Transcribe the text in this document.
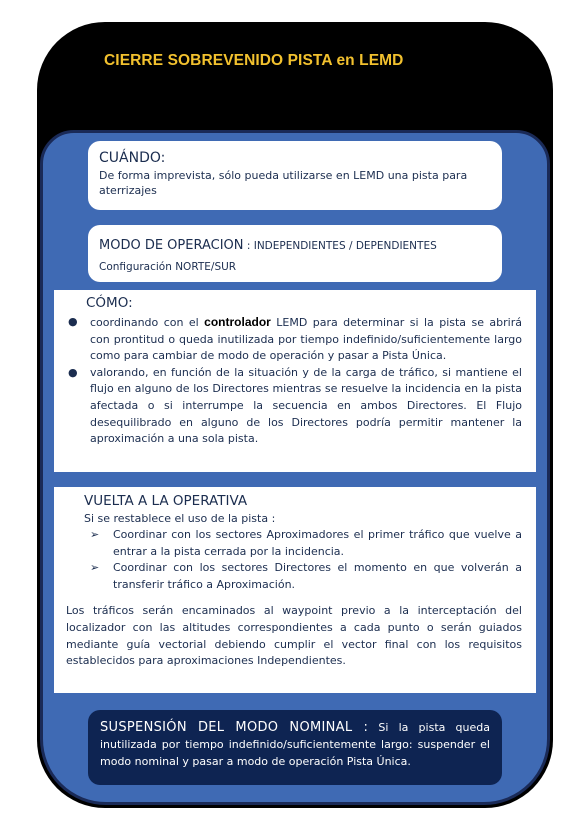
CIERRE SOBREVENIDO PISTA en LEMD
CUÁNDO:
De forma imprevista, sólo pueda utilizarse en LEMD una pista para aterrizajes
MODO DE OPERACION : INDEPENDIENTES / DEPENDIENTES
Configuración NORTE/SUR
CÓMO:
● coordinando con el controlador LEMD para determinar si la pista se abrirá con prontitud o queda inutilizada por tiempo indefinido/suficientemente largo como para cambiar de modo de operación y pasar a Pista Única.
● valorando, en función de la situación y de la carga de tráfico, si mantiene el flujo en alguno de los Directores mientras se resuelve la incidencia en la pista afectada o si interrumpe la secuencia en ambos Directores. El Flujo desequilibrado en alguno de los Directores podría permitir mantener la aproximación a una sola pista.
VUELTA A LA OPERATIVA
Si se restablece el uso de la pista :
➢ Coordinar con los sectores Aproximadores el primer tráfico que vuelve a entrar a la pista cerrada por la incidencia.
➢ Coordinar con los sectores Directores el momento en que volverán a transferir tráfico a Aproximación.
Los tráficos serán encaminados al waypoint previo a la interceptación del localizador con las altitudes correspondientes a cada punto o serán guiados mediante guía vectorial debiendo cumplir el vector final con los requisitos establecidos para aproximaciones Independientes.
SUSPENSIÓN DEL MODO NOMINAL : Si la pista queda inutilizada por tiempo indefinido/suficientemente largo: suspender el modo nominal y pasar a modo de operación Pista Única.
